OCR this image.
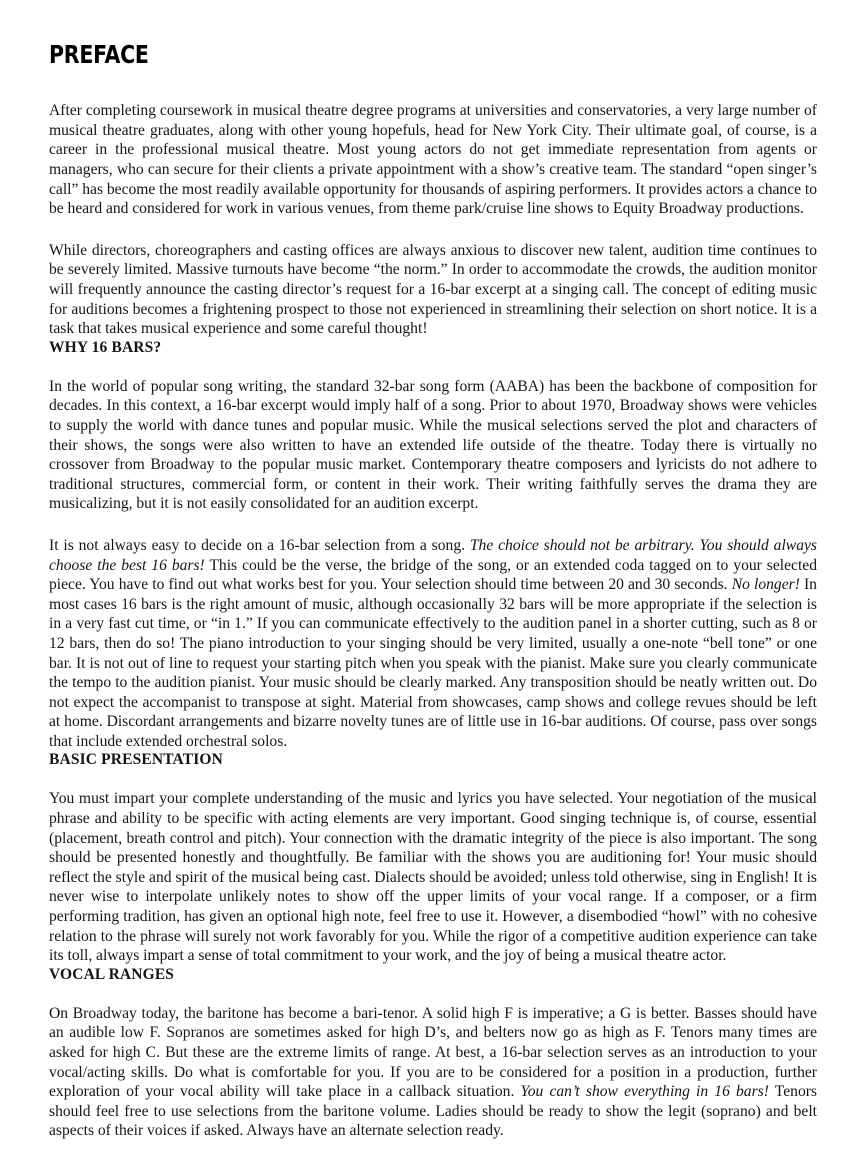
PREFACE

After completing coursework in musical theatre degree programs at universities and conservatories, a very large number of musical theatre graduates, along with other young hopefuls, head for New York City. Their ultimate goal, of course, is a career in the professional musical theatre. Most young actors do not get immediate representation from agents or managers, who can secure for their clients a private appointment with a show’s creative team. The standard “open singer’s call” has become the most readily available opportunity for thousands of aspiring performers. It provides actors a chance to be heard and considered for work in various venues, from theme park/cruise line shows to Equity Broadway productions.

While directors, choreographers and casting offices are always anxious to discover new talent, audition time continues to be severely limited. Massive turnouts have become “the norm.” In order to accommodate the crowds, the audition monitor will frequently announce the casting director’s request for a 16-bar excerpt at a singing call. The concept of editing music for auditions becomes a frightening prospect to those not experienced in streamlining their selection on short notice. It is a task that takes musical experience and some careful thought!

WHY 16 BARS?

In the world of popular song writing, the standard 32-bar song form (AABA) has been the backbone of composition for decades. In this context, a 16-bar excerpt would imply half of a song. Prior to about 1970, Broadway shows were vehicles to supply the world with dance tunes and popular music. While the musical selections served the plot and characters of their shows, the songs were also written to have an extended life outside of the theatre. Today there is virtually no crossover from Broadway to the popular music market. Contemporary theatre composers and lyricists do not adhere to traditional structures, commercial form, or content in their work. Their writing faithfully serves the drama they are musicalizing, but it is not easily consolidated for an audition excerpt.

It is not always easy to decide on a 16-bar selection from a song. The choice should not be arbitrary. You should always choose the best 16 bars! This could be the verse, the bridge of the song, or an extended coda tagged on to your selected piece. You have to find out what works best for you. Your selection should time between 20 and 30 seconds. No longer! In most cases 16 bars is the right amount of music, although occasionally 32 bars will be more appropriate if the selection is in a very fast cut time, or “in 1.” If you can communicate effectively to the audition panel in a shorter cutting, such as 8 or 12 bars, then do so! The piano introduction to your singing should be very limited, usually a one-note “bell tone” or one bar. It is not out of line to request your starting pitch when you speak with the pianist. Make sure you clearly communicate the tempo to the audition pianist. Your music should be clearly marked. Any transposition should be neatly written out. Do not expect the accompanist to transpose at sight. Material from showcases, camp shows and college revues should be left at home. Discordant arrangements and bizarre novelty tunes are of little use in 16-bar auditions. Of course, pass over songs that include extended orchestral solos.

BASIC PRESENTATION

You must impart your complete understanding of the music and lyrics you have selected. Your negotiation of the musical phrase and ability to be specific with acting elements are very important. Good singing technique is, of course, essential (placement, breath control and pitch). Your connection with the dramatic integrity of the piece is also important. The song should be presented honestly and thoughtfully. Be familiar with the shows you are auditioning for! Your music should reflect the style and spirit of the musical being cast. Dialects should be avoided; unless told otherwise, sing in English! It is never wise to interpolate unlikely notes to show off the upper limits of your vocal range. If a composer, or a firm performing tradition, has given an optional high note, feel free to use it. However, a disembodied “howl” with no cohesive relation to the phrase will surely not work favorably for you. While the rigor of a competitive audition experience can take its toll, always impart a sense of total commitment to your work, and the joy of being a musical theatre actor.

VOCAL RANGES

On Broadway today, the baritone has become a bari-tenor. A solid high F is imperative; a G is better. Basses should have an audible low F. Sopranos are sometimes asked for high D’s, and belters now go as high as F. Tenors many times are asked for high C. But these are the extreme limits of range. At best, a 16-bar selection serves as an introduction to your vocal/acting skills. Do what is comfortable for you. If you are to be considered for a position in a production, further exploration of your vocal ability will take place in a callback situation. You can’t show everything in 16 bars! Tenors should feel free to use selections from the baritone volume. Ladies should be ready to show the legit (soprano) and belt aspects of their voices if asked. Always have an alternate selection ready.
